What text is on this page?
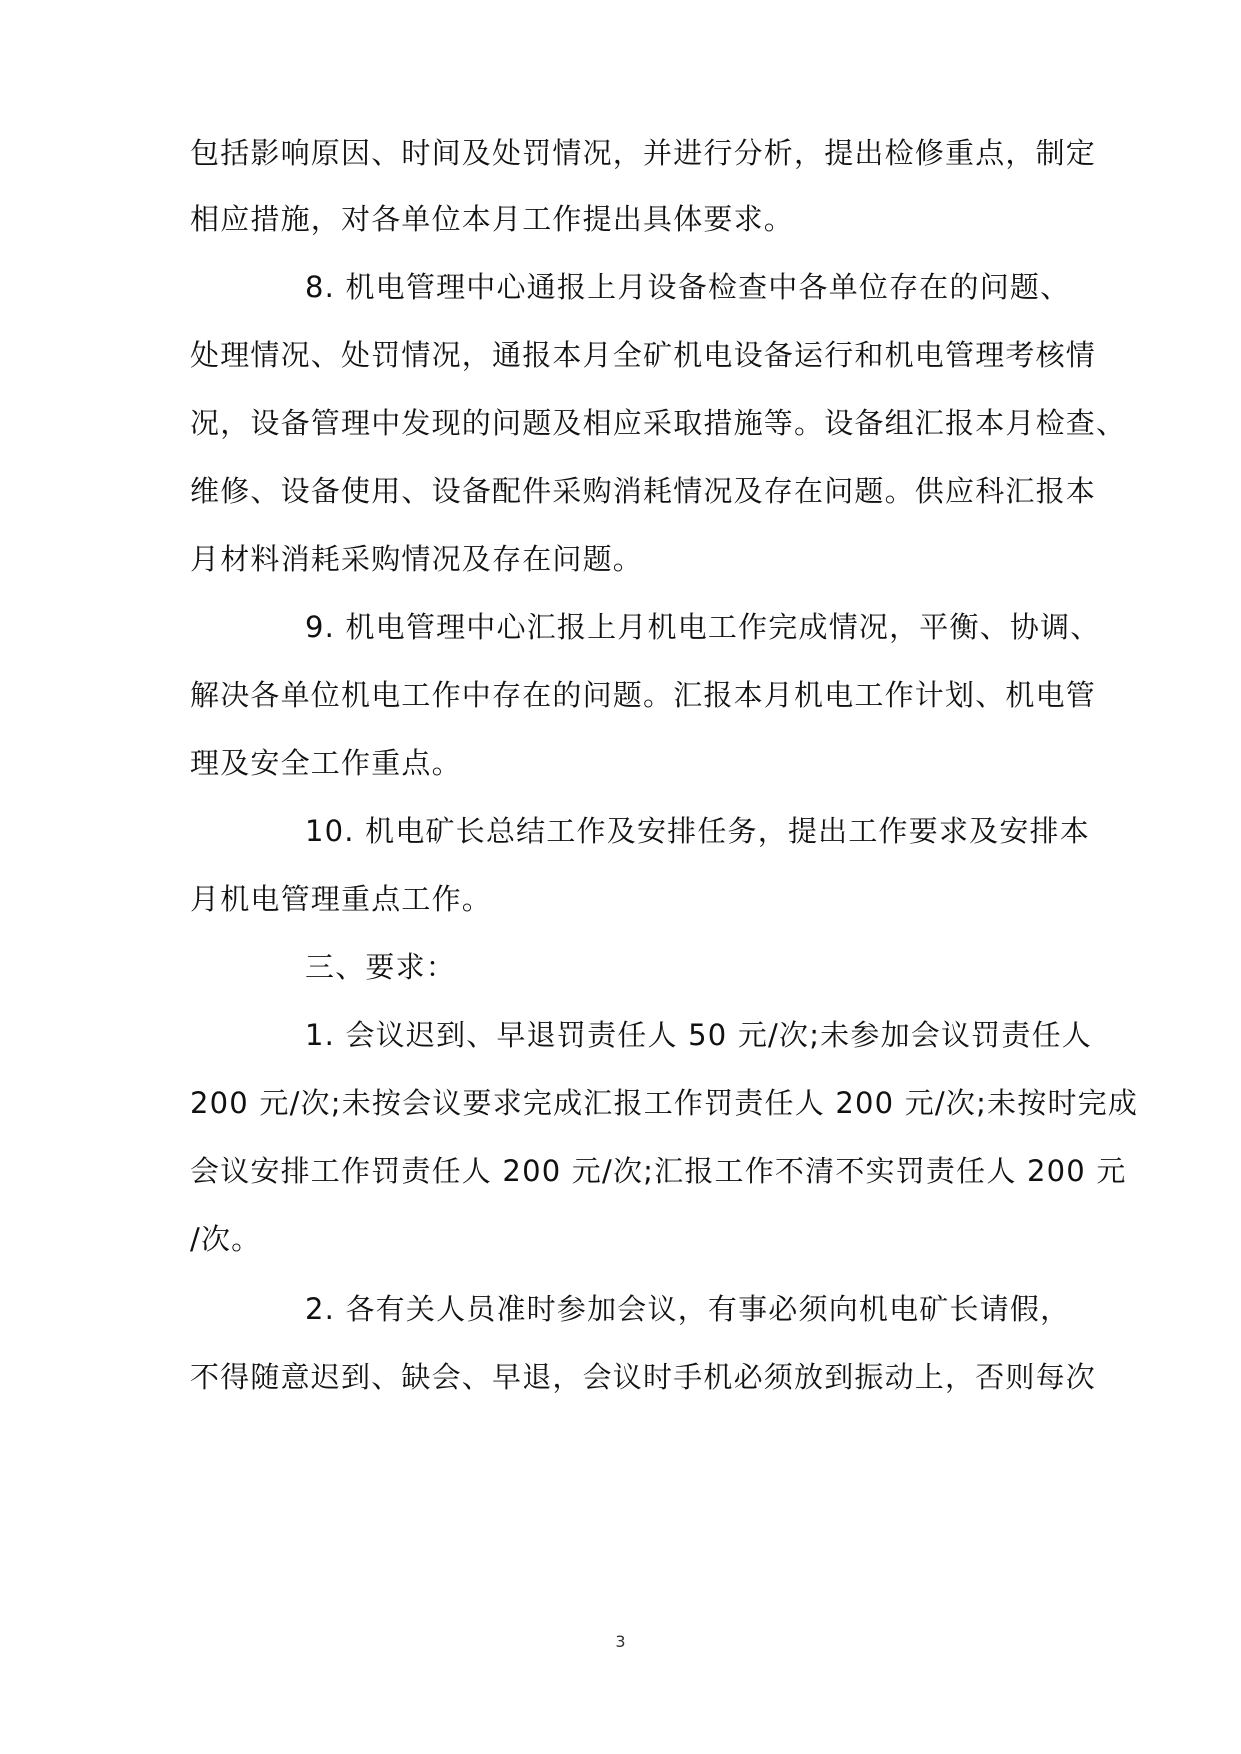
包括影响原因、时间及处罚情况，并进行分析，提出检修重点，制定
相应措施，对各单位本月工作提出具体要求。
8. 机电管理中心通报上月设备检查中各单位存在的问题、
处理情况、处罚情况，通报本月全矿机电设备运行和机电管理考核情
况，设备管理中发现的问题及相应采取措施等。设备组汇报本月检查、
维修、设备使用、设备配件采购消耗情况及存在问题。供应科汇报本
月材料消耗采购情况及存在问题。
9. 机电管理中心汇报上月机电工作完成情况，平衡、协调、
解决各单位机电工作中存在的问题。汇报本月机电工作计划、机电管
理及安全工作重点。
10. 机电矿长总结工作及安排任务，提出工作要求及安排本
月机电管理重点工作。
三、要求：
1. 会议迟到、早退罚责任人 50 元/次;未参加会议罚责任人
200 元/次;未按会议要求完成汇报工作罚责任人 200 元/次;未按时完成
会议安排工作罚责任人 200 元/次;汇报工作不清不实罚责任人 200 元
/次。
2. 各有关人员准时参加会议，有事必须向机电矿长请假，
不得随意迟到、缺会、早退，会议时手机必须放到振动上，否则每次
3
